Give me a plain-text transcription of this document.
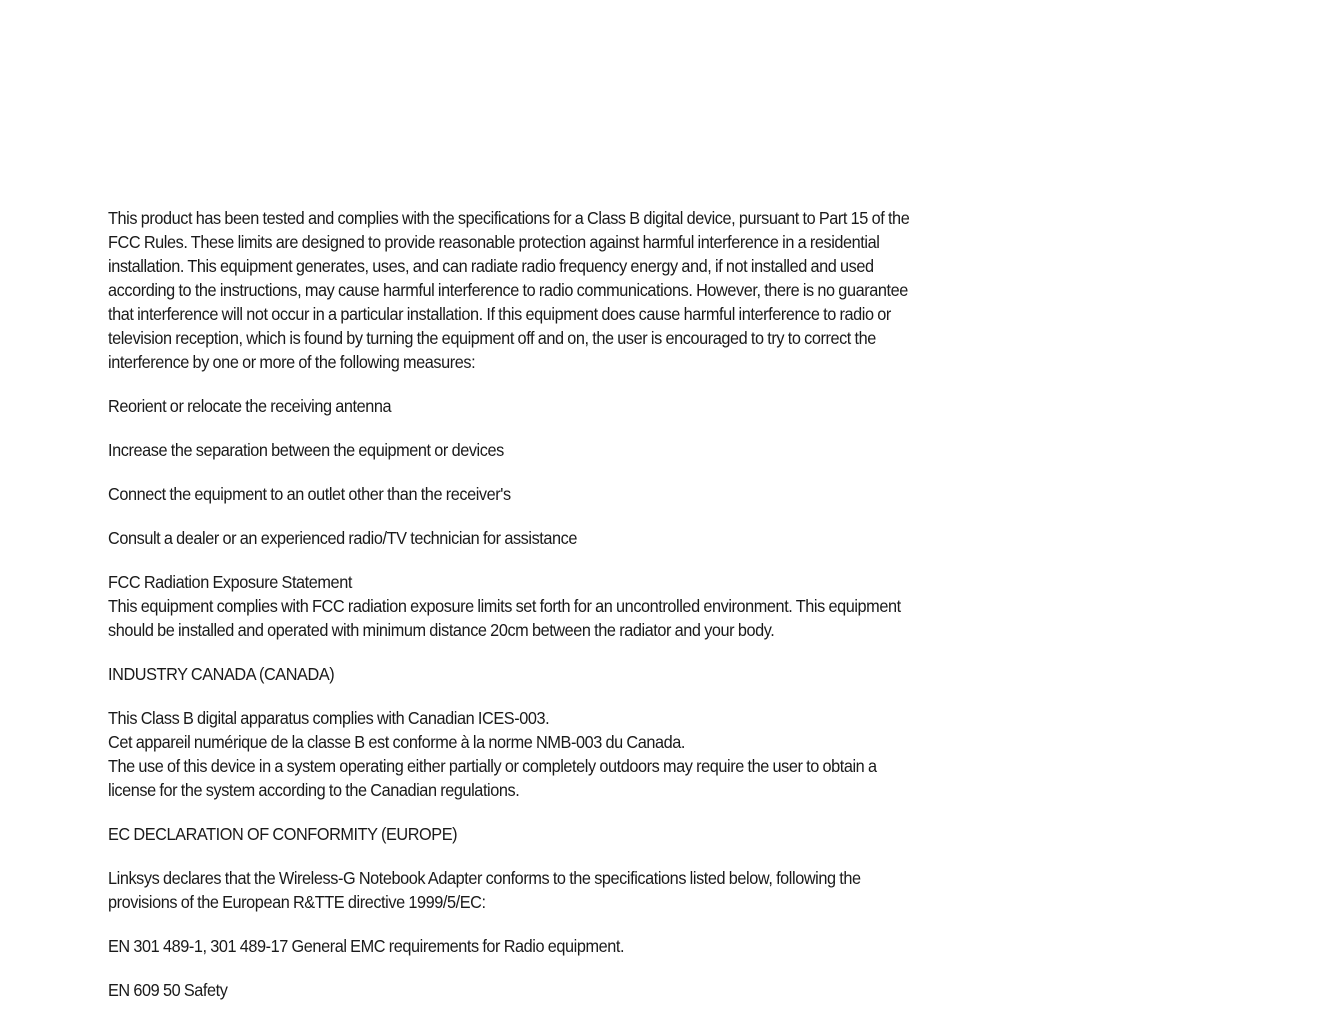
This product has been tested and complies with the specifications for a Class B digital device, pursuant to Part 15 of the FCC Rules. These limits are designed to provide reasonable protection against harmful interference in a residential installation. This equipment generates, uses, and can radiate radio frequency energy and, if not installed and used according to the instructions, may cause harmful interference to radio communications. However, there is no guarantee that interference will not occur in a particular installation. If this equipment does cause harmful interference to radio or television reception, which is found by turning the equipment off and on, the user is encouraged to try to correct the interference by one or more of the following measures:

Reorient or relocate the receiving antenna

Increase the separation between the equipment or devices

Connect the equipment to an outlet other than the receiver's

Consult a dealer or an experienced radio/TV technician for assistance

FCC Radiation Exposure Statement
This equipment complies with FCC radiation exposure limits set forth for an uncontrolled environment. This equipment should be installed and operated with minimum distance 20cm between the radiator and your body.

INDUSTRY CANADA (CANADA)

This Class B digital apparatus complies with Canadian ICES-003.
Cet appareil numérique de la classe B est conforme à la norme NMB-003 du Canada.
The use of this device in a system operating either partially or completely outdoors may require the user to obtain a license for the system according to the Canadian regulations.

EC DECLARATION OF CONFORMITY (EUROPE)

Linksys declares that the Wireless-G Notebook Adapter conforms to the specifications listed below, following the provisions of the European R&TTE directive 1999/5/EC:

EN 301 489-1, 301 489-17 General EMC requirements for Radio equipment.

EN 609 50 Safety
